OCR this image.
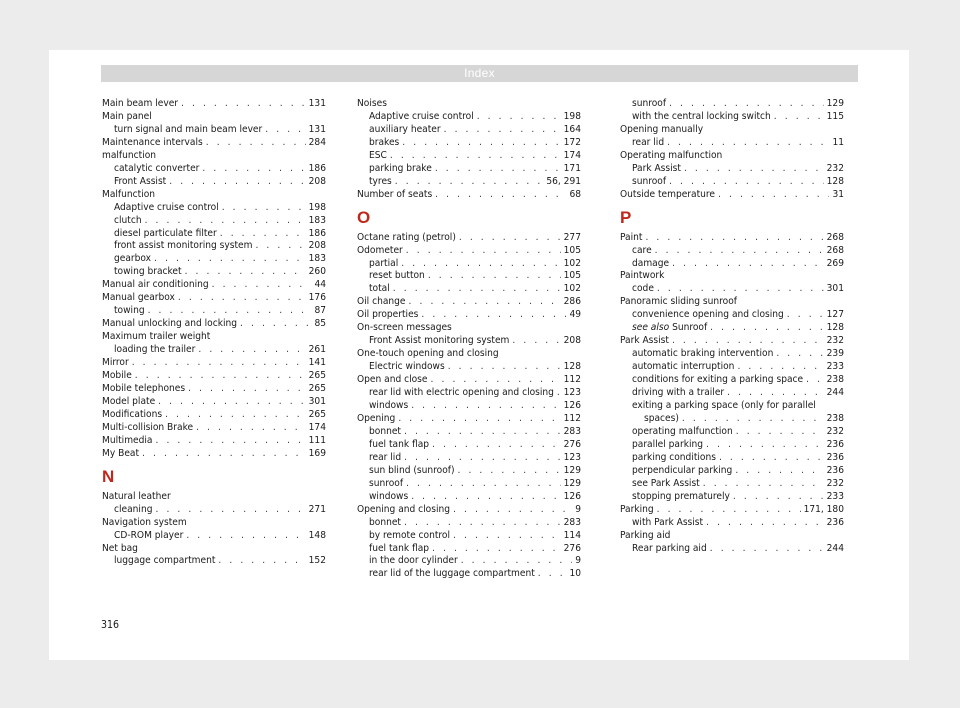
Index
Main beam lever . . .	131
Main panel
turn signal and main beam lever . . .	131
Maintenance intervals . . .	284
malfunction
catalytic converter . . .	186
Front Assist . . .	208
Malfunction
Adaptive cruise control . . .	198
clutch . . .	183
diesel particulate filter . . .	186
front assist monitoring system . . .	208
gearbox . . .	183
towing bracket . . .	260
Manual air conditioning . . .	44
Manual gearbox . . .	176
towing . . .	87
Manual unlocking and locking . . .	85
Maximum trailer weight
loading the trailer . . .	261
Mirror . . .	141
Mobile . . .	265
Mobile telephones . . .	265
Model plate . . .	301
Modifications . . .	265
Multi-collision Brake . . .	174
Multimedia . . .	111
My Beat . . .	169
N
Natural leather
cleaning . . .	271
Navigation system
CD-ROM player . . .	148
Net bag
luggage compartment . . .	152
Noises
Adaptive cruise control . . .	198
auxiliary heater . . .	164
brakes . . .	172
ESC . . .	174
parking brake . . .	171
tyres . . .	56, 291
Number of seats . . .	68
O
Octane rating (petrol) . . .	277
Odometer . . .	105
partial . . .	102
reset button . . .	105
total . . .	102
Oil change . . .	286
Oil properties . . .	49
On-screen messages
Front Assist monitoring system . . .	208
One-touch opening and closing
Electric windows . . .	128
Open and close . . .	112
rear lid with electric opening and closing . . . 123
windows . . .	126
Opening . . .	112
bonnet . . .	283
fuel tank flap . . .	276
rear lid . . .	123
sun blind (sunroof) . . .	129
sunroof . . .	129
windows . . .	126
Opening and closing . . .	9
bonnet . . .	283
by remote control . . .	114
fuel tank flap . . .	276
in the door cylinder . . .	9
rear lid of the luggage compartment . . .	10
sunroof . . .	129
with the central locking switch . . .	115
Opening manually
rear lid . . .	11
Operating malfunction
Park Assist . . .	232
sunroof . . .	128
Outside temperature . . .	31
P
Paint . . .	268
care . . .	268
damage . . .	269
Paintwork
code . . .	301
Panoramic sliding sunroof
convenience opening and closing . . .	127
see also Sunroof . . .	128
Park Assist . . .	232
automatic braking intervention . . .	239
automatic interruption . . .	233
conditions for exiting a parking space . . . 238
driving with a trailer . . .	244
exiting a parking space (only for parallel
spaces) . . .	238
operating malfunction . . .	232
parallel parking . . .	236
parking conditions . . .	236
perpendicular parking . . .	236
see Park Assist . . .	232
stopping prematurely . . .	233
Parking . . .	171, 180
with Park Assist . . .	236
Parking aid
Rear parking aid . . .	244
316
